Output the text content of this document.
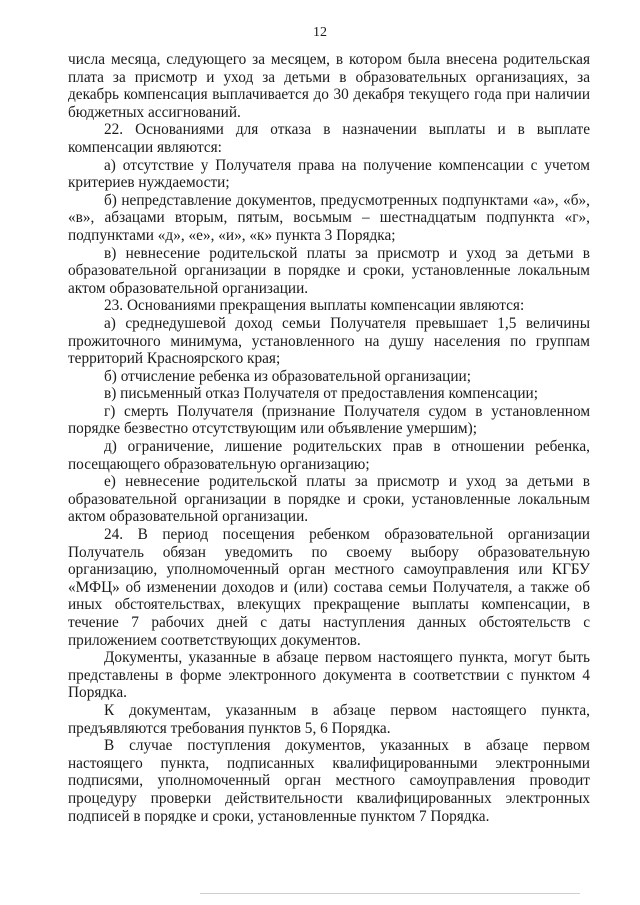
12

числа месяца, следующего за месяцем, в котором была внесена родительская плата за присмотр и уход за детьми в образовательных организациях, за декабрь компенсация выплачивается до 30 декабря текущего года при наличии бюджетных ассигнований.

22. Основаниями для отказа в назначении выплаты и в выплате компенсации являются:

а) отсутствие у Получателя права на получение компенсации с учетом критериев нуждаемости;

б) непредставление документов, предусмотренных подпунктами «а», «б», «в», абзацами вторым, пятым, восьмым – шестнадцатым подпункта «г», подпунктами «д», «е», «и», «к» пункта 3 Порядка;

в) невнесение родительской платы за присмотр и уход за детьми в образовательной организации в порядке и сроки, установленные локальным актом образовательной организации.

23. Основаниями прекращения выплаты компенсации являются:

а) среднедушевой доход семьи Получателя превышает 1,5 величины прожиточного минимума, установленного на душу населения по группам территорий Красноярского края;

б) отчисление ребенка из образовательной организации;

в) письменный отказ Получателя от предоставления компенсации;

г) смерть Получателя (признание Получателя судом в установленном порядке безвестно отсутствующим или объявление умершим);

д) ограничение, лишение родительских прав в отношении ребенка, посещающего образовательную организацию;

е) невнесение родительской платы за присмотр и уход за детьми в образовательной организации в порядке и сроки, установленные локальным актом образовательной организации.

24. В период посещения ребенком образовательной организации Получатель обязан уведомить по своему выбору образовательную организацию, уполномоченный орган местного самоуправления или КГБУ «МФЦ» об изменении доходов и (или) состава семьи Получателя, а также об иных обстоятельствах, влекущих прекращение выплаты компенсации, в течение 7 рабочих дней с даты наступления данных обстоятельств с приложением соответствующих документов.

Документы, указанные в абзаце первом настоящего пункта, могут быть представлены в форме электронного документа в соответствии с пунктом 4 Порядка.

К документам, указанным в абзаце первом настоящего пункта, предъявляются требования пунктов 5, 6 Порядка.

В случае поступления документов, указанных в абзаце первом настоящего пункта, подписанных квалифицированными электронными подписями, уполномоченный орган местного самоуправления проводит процедуру проверки действительности квалифицированных электронных подписей в порядке и сроки, установленные пунктом 7 Порядка.
